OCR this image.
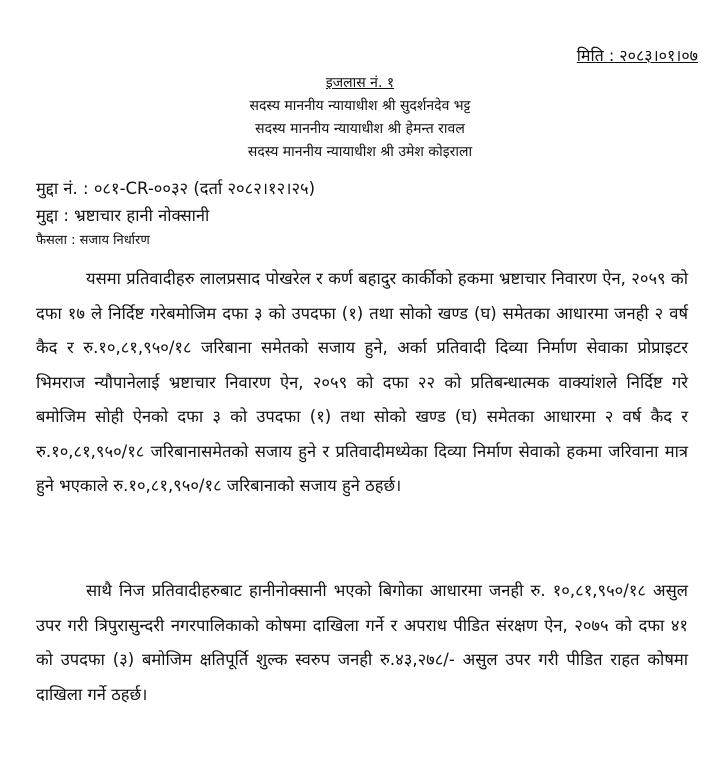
मिति : २०८३।०१।०७
इजलास नं. १
सदस्य माननीय न्यायाधीश श्री सुदर्शनदेव भट्ट
सदस्य माननीय न्यायाधीश श्री हेमन्त रावल
सदस्य माननीय न्यायाधीश श्री उमेश कोइराला
मुद्दा नं. : ०८१-CR-००३२ (दर्ता २०८२।१२।२५)
मुद्दा : भ्रष्टाचार हानी नोक्सानी
फैसला : सजाय निर्धारण

यसमा प्रतिवादीहरु लालप्रसाद पोखरेल र कर्ण बहादुर कार्कीको हकमा भ्रष्टाचार निवारण ऐन, २०५९ को दफा १७ ले निर्दिष्ट गरेबमोजिम दफा ३ को उपदफा (१) तथा सोको खण्ड (घ) समेतका आधारमा जनही २ वर्ष कैद र रु.१०,८१,९५०/१८ जरिबाना समेतको सजाय हुने, अर्का प्रतिवादी दिव्या निर्माण सेवाका प्रोप्राइटर भिमराज न्यौपानेलाई भ्रष्टाचार निवारण ऐन, २०५९ को दफा २२ को प्रतिबन्धात्मक वाक्यांशले निर्दिष्ट गरे बमोजिम सोही ऐनको दफा ३ को उपदफा (१) तथा सोको खण्ड (घ) समेतका आधारमा २ वर्ष कैद र रु.१०,८१,९५०/१८ जरिबानासमेतको सजाय हुने र प्रतिवादीमध्येका दिव्या निर्माण सेवाको हकमा जरिवाना मात्र हुने भएकाले रु.१०,८१,९५०/१८ जरिबानाको सजाय हुने ठहर्छ।

साथै निज प्रतिवादीहरुबाट हानीनोक्सानी भएको बिगोका आधारमा जनही रु. १०,८१,९५०/१८ असुल उपर गरी त्रिपुरासुन्दरी नगरपालिकाको कोषमा दाखिला गर्ने र अपराध पीडित संरक्षण ऐन, २०७५ को दफा ४१ को उपदफा (३) बमोजिम क्षतिपूर्ति शुल्क स्वरुप जनही रु.४३,२७८/- असुल उपर गरी पीडित राहत कोषमा दाखिला गर्ने ठहर्छ।
